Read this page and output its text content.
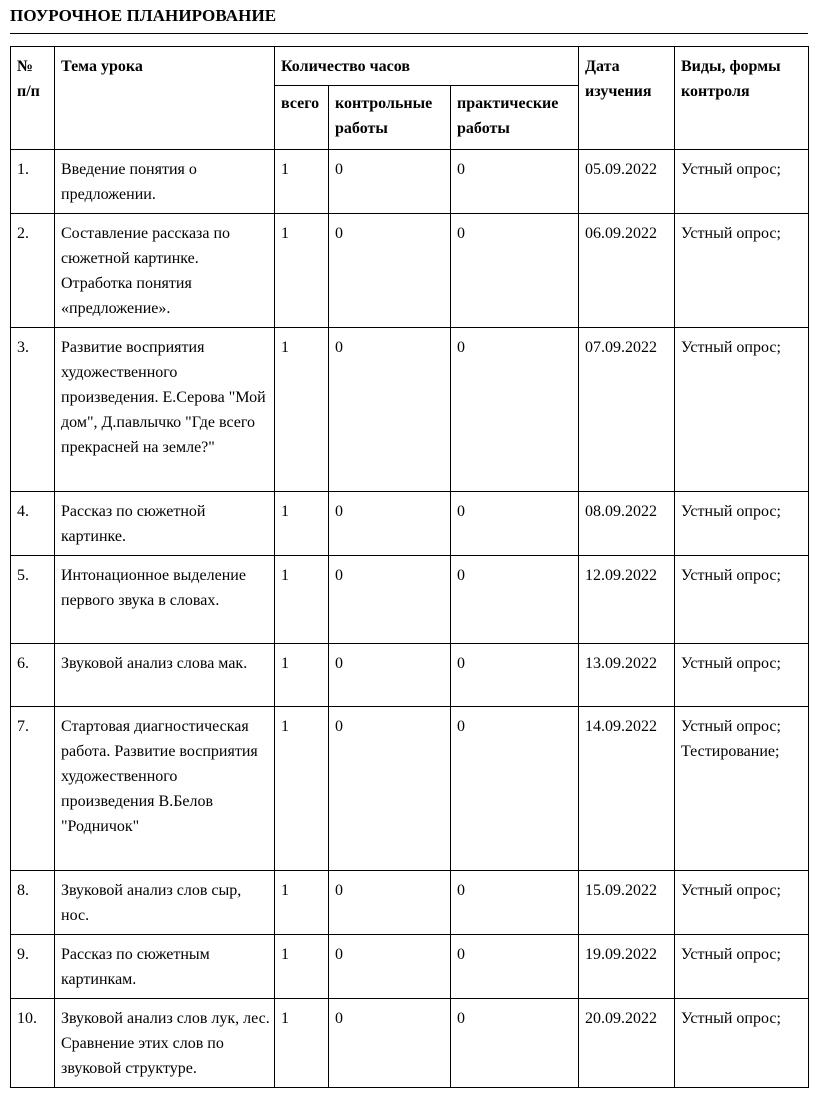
ПОУРОЧНОЕ ПЛАНИРОВАНИЕ
№ п/п	Тема урока	Количество часов			Дата изучения	Виды, формы контроля
		всего	контрольные работы	практические работы		
1.	Введение понятия о предложении.	1	0	0	05.09.2022	Устный опрос;
2.	Составление рассказа по сюжетной картинке. Отработка понятия «предложение».	1	0	0	06.09.2022	Устный опрос;
3.	Развитие восприятия художественного произведения. Е.Серова "Мой дом", Д.павлычко "Где всего прекрасней на земле?"	1	0	0	07.09.2022	Устный опрос;
4.	Рассказ по сюжетной картинке.	1	0	0	08.09.2022	Устный опрос;
5.	Интонационное выделение первого звука в словах.	1	0	0	12.09.2022	Устный опрос;
6.	Звуковой анализ слова мак.	1	0	0	13.09.2022	Устный опрос;
7.	Стартовая диагностическая работа. Развитие восприятия художественного произведения В.Белов "Родничок"	1	0	0	14.09.2022	Устный опрос; Тестирование;
8.	Звуковой анализ слов сыр, нос.	1	0	0	15.09.2022	Устный опрос;
9.	Рассказ по сюжетным картинкам.	1	0	0	19.09.2022	Устный опрос;
10.	Звуковой анализ слов лук, лес. Сравнение этих слов по звуковой структуре.	1	0	0	20.09.2022	Устный опрос;
